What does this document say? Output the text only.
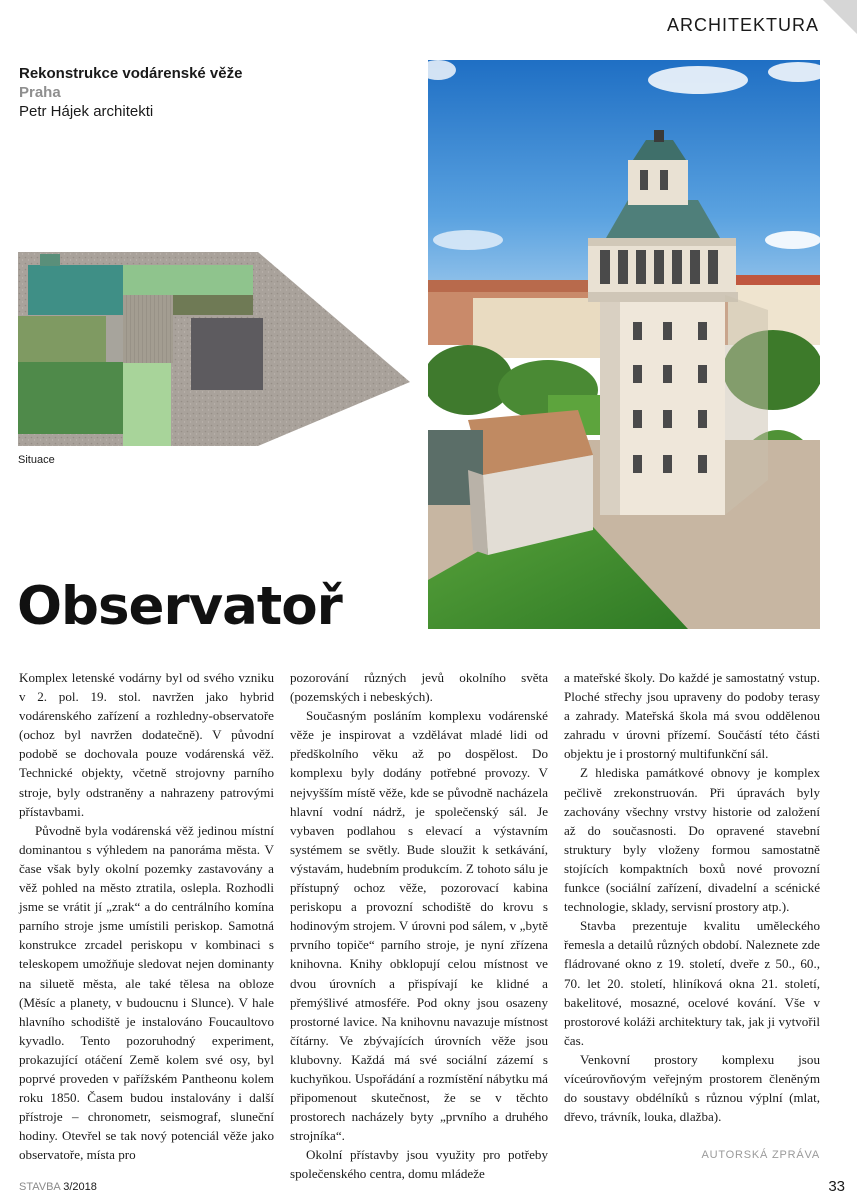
ARCHITEKTURA
Rekonstrukce vodárenské věže
Praha
Petr Hájek architekti
Situace
Observatoř

Komplex letenské vodárny byl od svého vzniku v 2. pol. 19. stol. navržen jako hybrid vodárenského zařízení a rozhledny-observatoře (ochoz byl navržen dodatečně). V původní podobě se dochovala pouze vodárenská věž. Technické objekty, včetně strojovny parního stroje, byly odstraněny a nahrazeny patrovými přístavbami.

Původně byla vodárenská věž jedinou místní dominantou s výhledem na panoráma města. V čase však byly okolní pozemky zastavovány a věž pohled na město ztratila, oslepla. Rozhodli jsme se vrátit jí „zrak“ a do centrálního komína parního stroje jsme umístili periskop. Samotná konstrukce zrcadel periskopu v kombinaci s teleskopem umožňuje sledovat nejen dominanty na siluetě města, ale také tělesa na obloze (Měsíc a planety, v budoucnu i Slunce). V hale hlavního schodiště je instalováno Foucaultovo kyvadlo. Tento pozoruhodný experiment, prokazující otáčení Země kolem své osy, byl poprvé proveden v pařížském Pantheonu kolem roku 1850. Časem budou instalovány i další přístroje – chronometr, seismograf, sluneční hodiny. Otevřel se tak nový potenciál věže jako observatoře, místa pro

pozorování různých jevů okolního světa (pozemských i nebeských).

Současným posláním komplexu vodárenské věže je inspirovat a vzdělávat mladé lidi od předškolního věku až po dospělost. Do komplexu byly dodány potřebné provozy. V nejvyšším místě věže, kde se původně nacházela hlavní vodní nádrž, je společenský sál. Je vybaven podlahou s elevací a výstavním systémem se světly. Bude sloužit k setkávání, výstavám, hudebním produkcím. Z tohoto sálu je přístupný ochoz věže, pozorovací kabina periskopu a provozní schodiště do krovu s hodinovým strojem. V úrovni pod sálem, v „bytě prvního topiče“ parního stroje, je nyní zřízena knihovna. Knihy obklopují celou místnost ve dvou úrovních a přispívají ke klidné a přemýšlivé atmosféře. Pod okny jsou osazeny prostorné lavice. Na knihovnu navazuje místnost čítárny. Ve zbývajících úrovních věže jsou klubovny. Každá má své sociální zázemí s kuchyňkou. Uspořádání a rozmístění nábytku má připomenout skutečnost, že se v těchto prostorech nacházely byty „prvního a druhého strojníka“.

Okolní přístavby jsou využity pro potřeby společenského centra, domu mládeže

a mateřské školy. Do každé je samostatný vstup. Ploché střechy jsou upraveny do podoby terasy a zahrady. Mateřská škola má svou oddělenou zahradu v úrovni přízemí. Součástí této části objektu je i prostorný multifunkční sál.

Z hlediska památkové obnovy je komplex pečlivě zrekonstruován. Při úpravách byly zachovány všechny vrstvy historie od založení až do současnosti. Do opravené stavební struktury byly vloženy formou samostatně stojících kompaktních boxů nové provozní funkce (sociální zařízení, divadelní a scénické technologie, sklady, servisní prostory atp.).

Stavba prezentuje kvalitu uměleckého řemesla a detailů různých období. Naleznete zde fládrované okno z 19. století, dveře z 50., 60., 70. let 20. století, hliníková okna 21. století, bakelitové, mosazné, ocelové kování. Vše v prostorové koláži architektury tak, jak ji vytvořil čas.

Venkovní prostory komplexu jsou víceúrovňovým veřejným prostorem členěným do soustavy obdélníků s různou výplní (mlat, dřevo, trávník, louka, dlažba).

AUTORSKÁ ZPRÁVA
STAVBA 3/2018	33
